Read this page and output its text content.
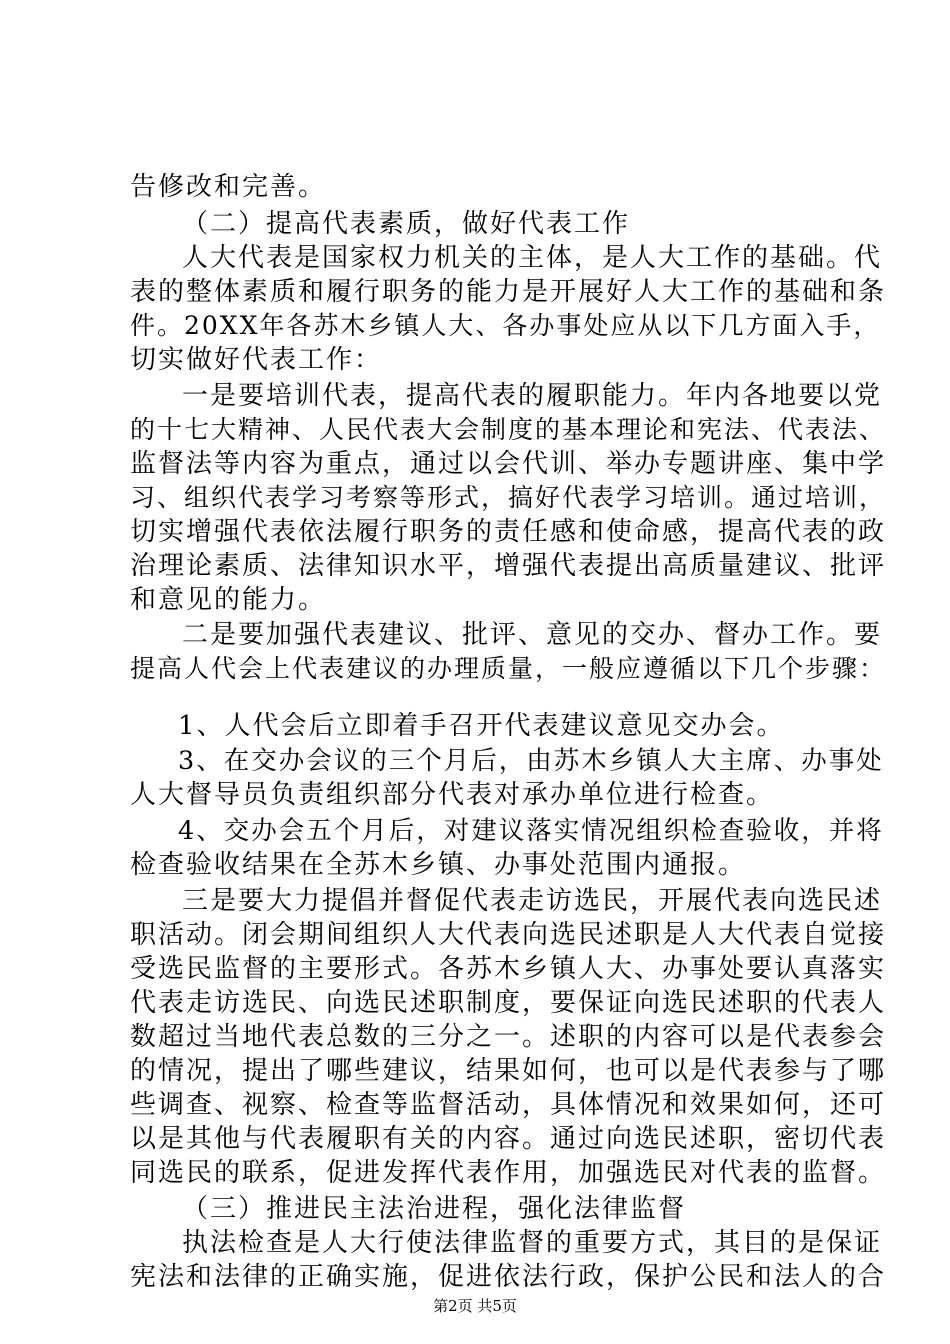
告修改和完善。
（二）提高代表素质，做好代表工作
人大代表是国家权力机关的主体，是人大工作的基础。代
表的整体素质和履行职务的能力是开展好人大工作的基础和条
件。20XX年各苏木乡镇人大、各办事处应从以下几方面入手，
切实做好代表工作：
一是要培训代表，提高代表的履职能力。年内各地要以党
的十七大精神、人民代表大会制度的基本理论和宪法、代表法、
监督法等内容为重点，通过以会代训、举办专题讲座、集中学
习、组织代表学习考察等形式，搞好代表学习培训。通过培训，
切实增强代表依法履行职务的责任感和使命感，提高代表的政
治理论素质、法律知识水平，增强代表提出高质量建议、批评
和意见的能力。
二是要加强代表建议、批评、意见的交办、督办工作。要
提高人代会上代表建议的办理质量，一般应遵循以下几个步骤：
1、人代会后立即着手召开代表建议意见交办会。
3、在交办会议的三个月后，由苏木乡镇人大主席、办事处
人大督导员负责组织部分代表对承办单位进行检查。
4、交办会五个月后，对建议落实情况组织检查验收，并将
检查验收结果在全苏木乡镇、办事处范围内通报。
三是要大力提倡并督促代表走访选民，开展代表向选民述
职活动。闭会期间组织人大代表向选民述职是人大代表自觉接
受选民监督的主要形式。各苏木乡镇人大、办事处要认真落实
代表走访选民、向选民述职制度，要保证向选民述职的代表人
数超过当地代表总数的三分之一。述职的内容可以是代表参会
的情况，提出了哪些建议，结果如何，也可以是代表参与了哪
些调查、视察、检查等监督活动，具体情况和效果如何，还可
以是其他与代表履职有关的内容。通过向选民述职，密切代表
同选民的联系，促进发挥代表作用，加强选民对代表的监督。
（三）推进民主法治进程，强化法律监督
执法检查是人大行使法律监督的重要方式，其目的是保证
宪法和法律的正确实施，促进依法行政，保护公民和法人的合
第2页 共5页
